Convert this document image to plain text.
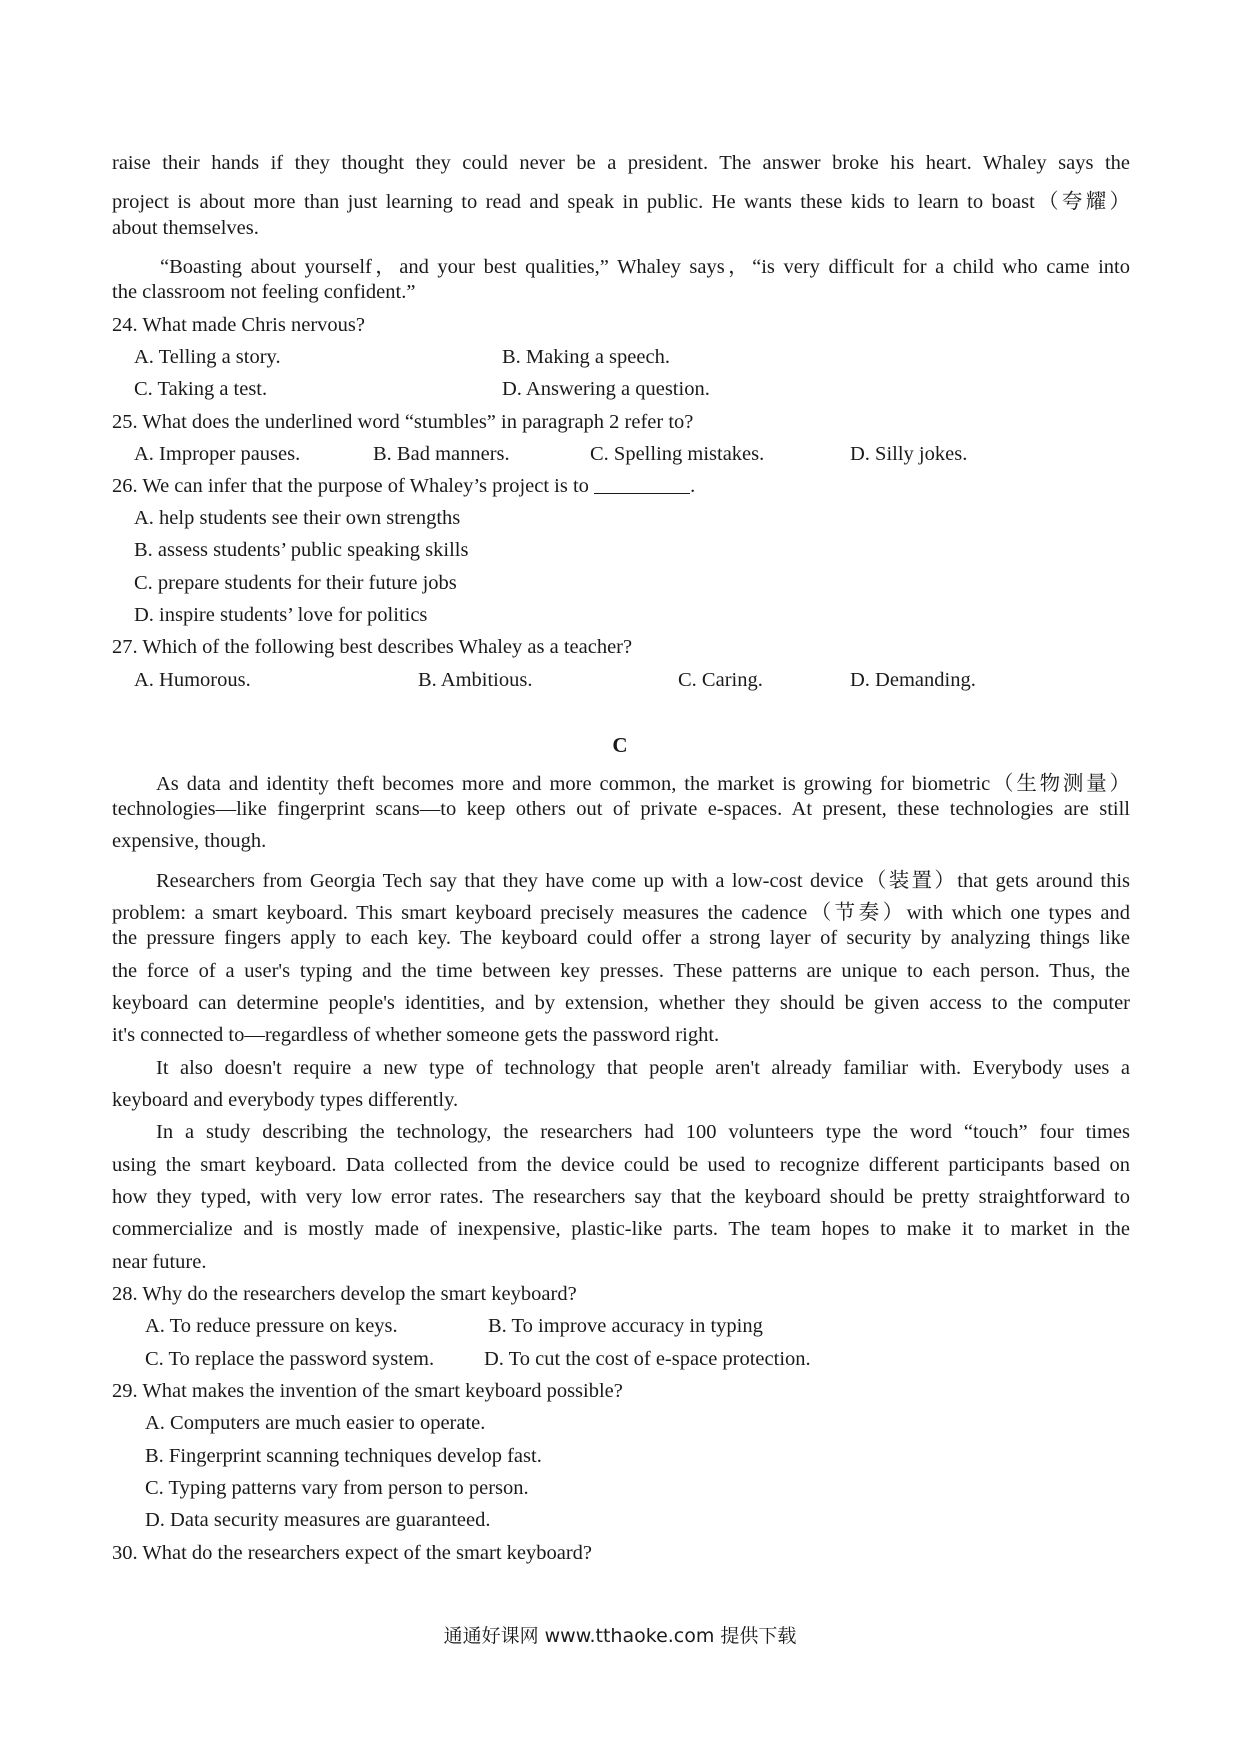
raise their hands if they thought they could never be a president. The answer broke his heart. Whaley says the
project is about more than just learning to read and speak in public. He wants these kids to learn to boast（夸耀）
about themselves.
“Boasting about yourself，and your best qualities,” Whaley says，“is very difficult for a child who came into
the classroom not feeling confident.”
24. What made Chris nervous?
A. Telling a story.	B. Making a speech.
C. Taking a test.	D. Answering a question.
25. What does the underlined word “stumbles” in paragraph 2 refer to?
A. Improper pauses.	B. Bad manners.	C. Spelling mistakes.	D. Silly jokes.
26. We can infer that the purpose of Whaley’s project is to	.
A. help students see their own strengths
B. assess students’ public speaking skills
C. prepare students for their future jobs
D. inspire students’ love for politics
27. Which of the following best describes Whaley as a teacher?
A. Humorous.	B. Ambitious.	C. Caring.	D. Demanding.
C
As data and identity theft becomes more and more common, the market is growing for biometric（生物测量）
technologies—like fingerprint scans—to keep others out of private e-spaces. At present, these technologies are still
expensive, though.
Researchers from Georgia Tech say that they have come up with a low-cost device（装置）that gets around this
problem: a smart keyboard. This smart keyboard precisely measures the cadence（节奏）with which one types and
the pressure fingers apply to each key. The keyboard could offer a strong layer of security by analyzing things like
the force of a user's typing and the time between key presses. These patterns are unique to each person. Thus, the
keyboard can determine people's identities, and by extension, whether they should be given access to the computer
it's connected to—regardless of whether someone gets the password right.
It also doesn't require a new type of technology that people aren't already familiar with. Everybody uses a
keyboard and everybody types differently.
In a study describing the technology, the researchers had 100 volunteers type the word “touch” four times
using the smart keyboard. Data collected from the device could be used to recognize different participants based on
how they typed, with very low error rates. The researchers say that the keyboard should be pretty straightforward to
commercialize and is mostly made of inexpensive, plastic-like parts. The team hopes to make it to market in the
near future.
28. Why do the researchers develop the smart keyboard?
A. To reduce pressure on keys.	B. To improve accuracy in typing
C. To replace the password system. D. To cut the cost of e-space protection.
29. What makes the invention of the smart keyboard possible?
A. Computers are much easier to operate.
B. Fingerprint scanning techniques develop fast.
C. Typing patterns vary from person to person.
D. Data security measures are guaranteed.
30. What do the researchers expect of the smart keyboard?
通通好课网 www.tthaoke.com 提供下载
